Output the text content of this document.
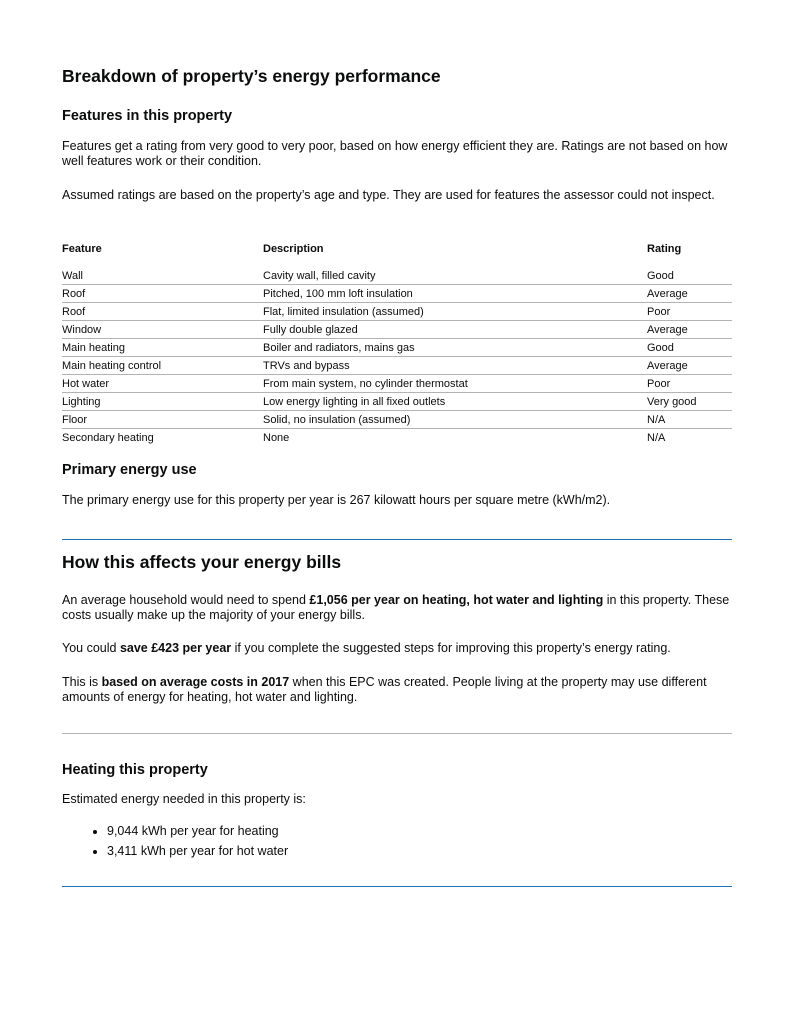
Breakdown of property’s energy performance
Features in this property

Features get a rating from very good to very poor, based on how energy efficient they are. Ratings are not based on how well features work or their condition.

Assumed ratings are based on the property’s age and type. They are used for features the assessor could not inspect.

Feature	Description	Rating
Wall	Cavity wall, filled cavity	Good
Roof	Pitched, 100 mm loft insulation	Average
Roof	Flat, limited insulation (assumed)	Poor
Window	Fully double glazed	Average
Main heating	Boiler and radiators, mains gas	Good
Main heating control	TRVs and bypass	Average
Hot water	From main system, no cylinder thermostat	Poor
Lighting	Low energy lighting in all fixed outlets	Very good
Floor	Solid, no insulation (assumed)	N/A
Secondary heating	None	N/A
Primary energy use

The primary energy use for this property per year is 267 kilowatt hours per square metre (kWh/m2).

How this affects your energy bills

An average household would need to spend £1,056 per year on heating, hot water and lighting in this property. These costs usually make up the majority of your energy bills.

You could save £423 per year if you complete the suggested steps for improving this property’s energy rating.

This is based on average costs in 2017 when this EPC was created. People living at the property may use different amounts of energy for heating, hot water and lighting.

Heating this property

Estimated energy needed in this property is:

• 9,044 kWh per year for heating
• 3,411 kWh per year for hot water
